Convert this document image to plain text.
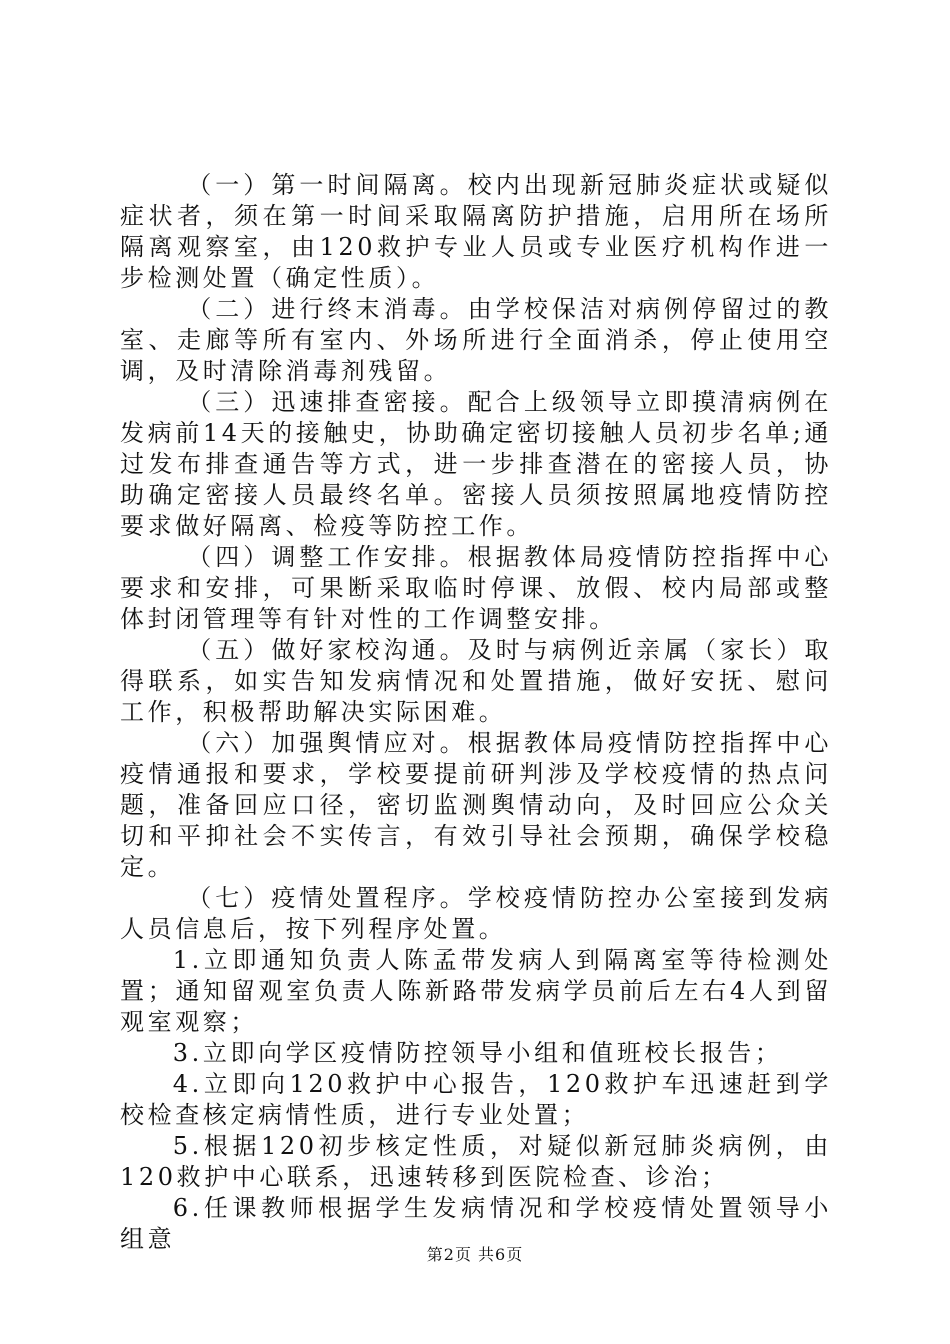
（一）第一时间隔离。校内出现新冠肺炎症状或疑似症状者，须在第一时间采取隔离防护措施，启用所在场所隔离观察室，由120救护专业人员或专业医疗机构作进一步检测处置（确定性质）。

（二）进行终末消毒。由学校保洁对病例停留过的教室、走廊等所有室内、外场所进行全面消杀，停止使用空调，及时清除消毒剂残留。

（三）迅速排查密接。配合上级领导立即摸清病例在发病前14天的接触史，协助确定密切接触人员初步名单;通过发布排查通告等方式，进一步排查潜在的密接人员，协助确定密接人员最终名单。密接人员须按照属地疫情防控要求做好隔离、检疫等防控工作。

（四）调整工作安排。根据教体局疫情防控指挥中心要求和安排，可果断采取临时停课、放假、校内局部或整体封闭管理等有针对性的工作调整安排。

（五）做好家校沟通。及时与病例近亲属（家长）取得联系，如实告知发病情况和处置措施，做好安抚、慰问工作，积极帮助解决实际困难。

（六）加强舆情应对。根据教体局疫情防控指挥中心疫情通报和要求，学校要提前研判涉及学校疫情的热点问题，准备回应口径，密切监测舆情动向，及时回应公众关切和平抑社会不实传言，有效引导社会预期，确保学校稳定。

（七）疫情处置程序。学校疫情防控办公室接到发病人员信息后，按下列程序处置。

1.立即通知负责人陈孟带发病人到隔离室等待检测处置；通知留观室负责人陈新路带发病学员前后左右4人到留观室观察；

3.立即向学区疫情防控领导小组和值班校长报告；

4.立即向120救护中心报告，120救护车迅速赶到学校检查核定病情性质，进行专业处置；

5.根据120初步核定性质，对疑似新冠肺炎病例，由120救护中心联系，迅速转移到医院检查、诊治；

6.任课教师根据学生发病情况和学校疫情处置领导小组意

第2页 共6页
